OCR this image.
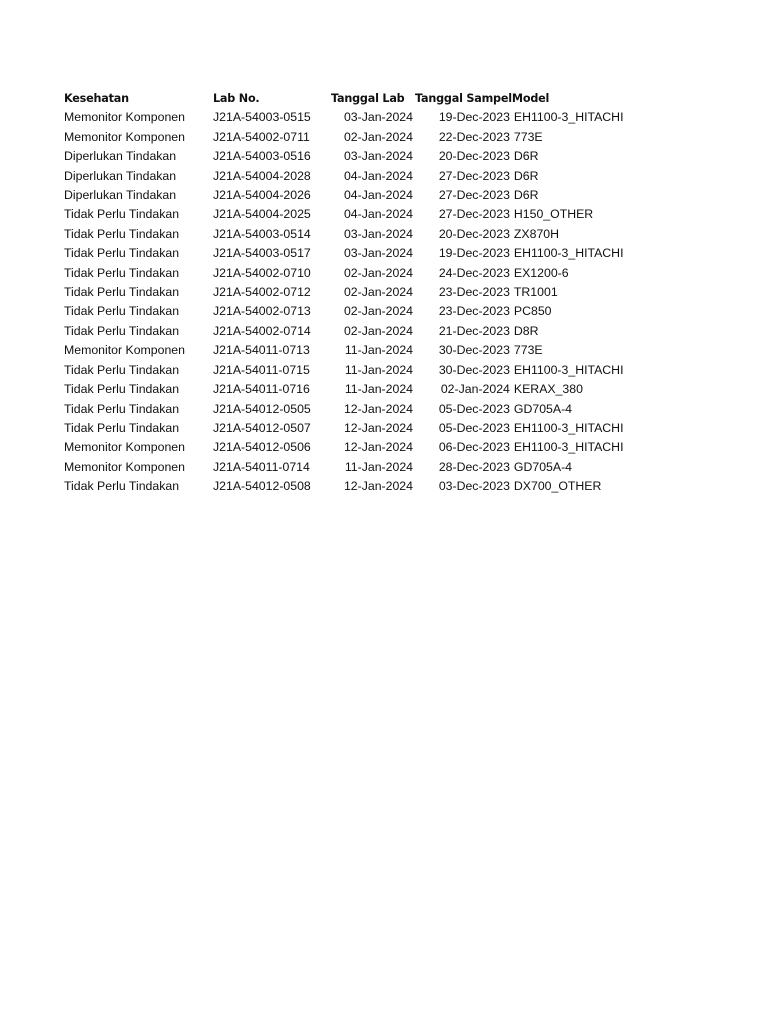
Kesehatan	Lab No.	Tanggal Lab	Tanggal Sampel	Model
Memonitor Komponen	J21A-54003-0515	03-Jan-2024	19-Dec-2023	EH1100-3_HITACHI
Memonitor Komponen	J21A-54002-0711	02-Jan-2024	22-Dec-2023	773E
Diperlukan Tindakan	J21A-54003-0516	03-Jan-2024	20-Dec-2023	D6R
Diperlukan Tindakan	J21A-54004-2028	04-Jan-2024	27-Dec-2023	D6R
Diperlukan Tindakan	J21A-54004-2026	04-Jan-2024	27-Dec-2023	D6R
Tidak Perlu Tindakan	J21A-54004-2025	04-Jan-2024	27-Dec-2023	H150_OTHER
Tidak Perlu Tindakan	J21A-54003-0514	03-Jan-2024	20-Dec-2023	ZX870H
Tidak Perlu Tindakan	J21A-54003-0517	03-Jan-2024	19-Dec-2023	EH1100-3_HITACHI
Tidak Perlu Tindakan	J21A-54002-0710	02-Jan-2024	24-Dec-2023	EX1200-6
Tidak Perlu Tindakan	J21A-54002-0712	02-Jan-2024	23-Dec-2023	TR1001
Tidak Perlu Tindakan	J21A-54002-0713	02-Jan-2024	23-Dec-2023	PC850
Tidak Perlu Tindakan	J21A-54002-0714	02-Jan-2024	21-Dec-2023	D8R
Memonitor Komponen	J21A-54011-0713	11-Jan-2024	30-Dec-2023	773E
Tidak Perlu Tindakan	J21A-54011-0715	11-Jan-2024	30-Dec-2023	EH1100-3_HITACHI
Tidak Perlu Tindakan	J21A-54011-0716	11-Jan-2024	02-Jan-2024	KERAX_380
Tidak Perlu Tindakan	J21A-54012-0505	12-Jan-2024	05-Dec-2023	GD705A-4
Tidak Perlu Tindakan	J21A-54012-0507	12-Jan-2024	05-Dec-2023	EH1100-3_HITACHI
Memonitor Komponen	J21A-54012-0506	12-Jan-2024	06-Dec-2023	EH1100-3_HITACHI
Memonitor Komponen	J21A-54011-0714	11-Jan-2024	28-Dec-2023	GD705A-4
Tidak Perlu Tindakan	J21A-54012-0508	12-Jan-2024	03-Dec-2023	DX700_OTHER
